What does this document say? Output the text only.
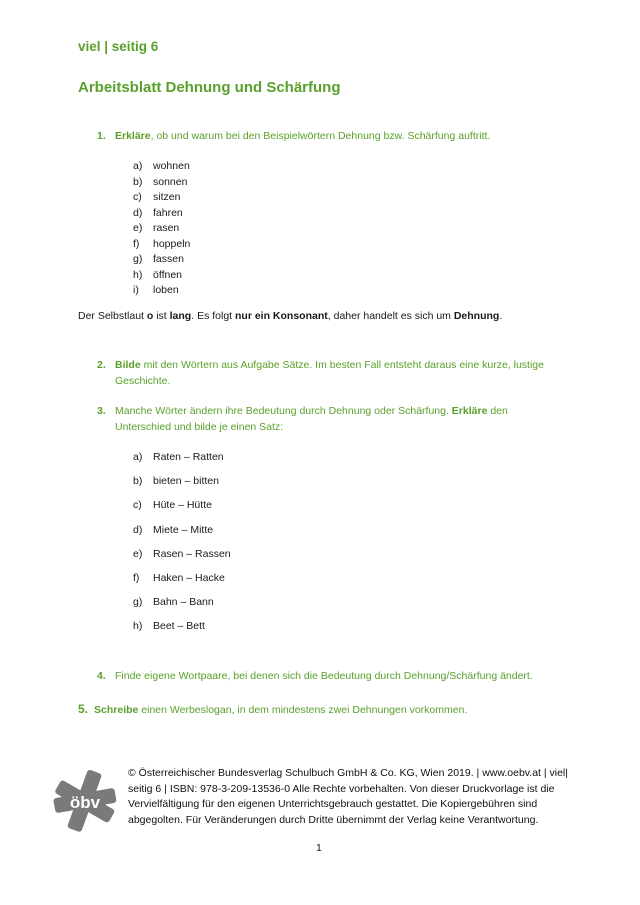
viel | seitig 6
Arbeitsblatt Dehnung und Schärfung
1. Erkläre, ob und warum bei den Beispielwörtern Dehnung bzw. Schärfung auftritt.
a) wohnen
b) sonnen
c) sitzen
d) fahren
e) rasen
f) hoppeln
g) fassen
h) öffnen
i) loben
Der Selbstlaut o ist lang. Es folgt nur ein Konsonant, daher handelt es sich um Dehnung.
2. Bilde mit den Wörtern aus Aufgabe Sätze. Im besten Fall entsteht daraus eine kurze, lustige Geschichte.
3. Manche Wörter ändern ihre Bedeutung durch Dehnung oder Schärfung. Erkläre den Unterschied und bilde je einen Satz:
a) Raten – Ratten
b) bieten – bitten
c) Hüte – Hütte
d) Miete – Mitte
e) Rasen – Rassen
f) Haken – Hacke
g) Bahn – Bann
h) Beet – Bett
4. Finde eigene Wortpaare, bei denen sich die Bedeutung durch Dehnung/Schärfung ändert.
5. Schreibe einen Werbeslogan, in dem mindestens zwei Dehnungen vorkommen.
öbv
© Österreichischer Bundesverlag Schulbuch GmbH & Co. KG, Wien 2019. | www.oebv.at | viel| seitig 6 | ISBN: 978-3-209-13536-0 Alle Rechte vorbehalten. Von dieser Druckvorlage ist die Vervielfältigung für den eigenen Unterrichtsgebrauch gestattet. Die Kopiergebühren sind abgegolten. Für Veränderungen durch Dritte übernimmt der Verlag keine Verantwortung.
1
